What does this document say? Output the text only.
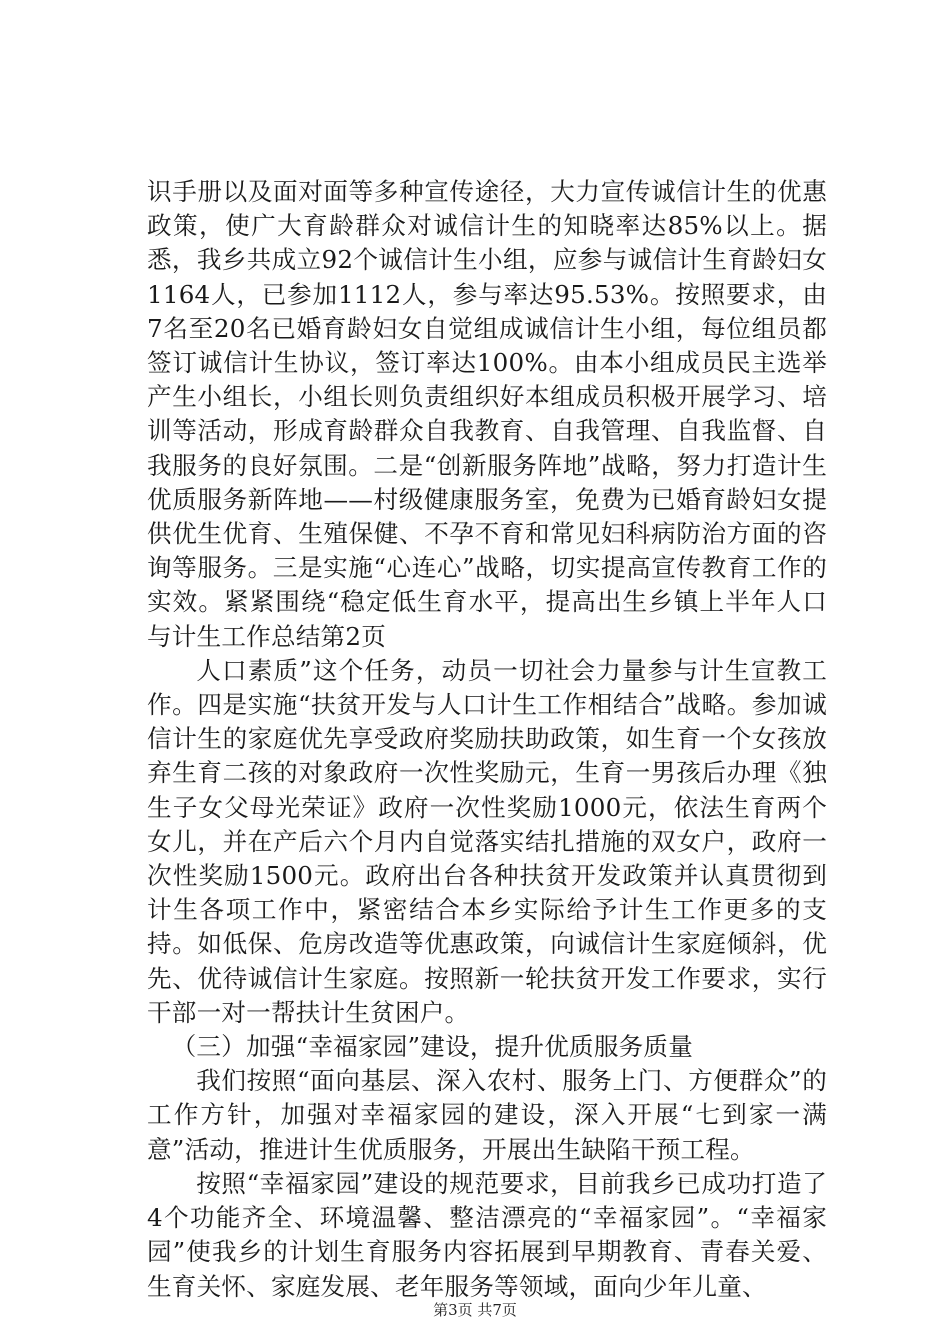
识手册以及面对面等多种宣传途径，大力宣传诚信计生的优惠政策，使广大育龄群众对诚信计生的知晓率达85%以上。据悉，我乡共成立92个诚信计生小组，应参与诚信计生育龄妇女1164人，已参加1112人，参与率达95.53%。按照要求，由7名至20名已婚育龄妇女自觉组成诚信计生小组，每位组员都签订诚信计生协议，签订率达100%。由本小组成员民主选举产生小组长，小组长则负责组织好本组成员积极开展学习、培训等活动，形成育龄群众自我教育、自我管理、自我监督、自我服务的良好氛围。二是“创新服务阵地”战略，努力打造计生优质服务新阵地——村级健康服务室，免费为已婚育龄妇女提供优生优育、生殖保健、不孕不育和常见妇科病防治方面的咨询等服务。三是实施“心连心”战略，切实提高宣传教育工作的实效。紧紧围绕“稳定低生育水平，提高出生乡镇上半年人口与计生工作总结第2页

人口素质”这个任务，动员一切社会力量参与计生宣教工作。四是实施“扶贫开发与人口计生工作相结合”战略。参加诚信计生的家庭优先享受政府奖励扶助政策，如生育一个女孩放弃生育二孩的对象政府一次性奖励元，生育一男孩后办理《独生子女父母光荣证》政府一次性奖励1000元，依法生育两个女儿，并在产后六个月内自觉落实结扎措施的双女户，政府一次性奖励1500元。政府出台各种扶贫开发政策并认真贯彻到计生各项工作中，紧密结合本乡实际给予计生工作更多的支持。如低保、危房改造等优惠政策，向诚信计生家庭倾斜，优先、优待诚信计生家庭。按照新一轮扶贫开发工作要求，实行干部一对一帮扶计生贫困户。

（三）加强“幸福家园”建设，提升优质服务质量

我们按照“面向基层、深入农村、服务上门、方便群众”的工作方针，加强对幸福家园的建设，深入开展“七到家一满意”活动，推进计生优质服务，开展出生缺陷干预工程。

按照“幸福家园”建设的规范要求，目前我乡已成功打造了4个功能齐全、环境温馨、整洁漂亮的“幸福家园”。“幸福家园”使我乡的计划生育服务内容拓展到早期教育、青春关爱、生育关怀、家庭发展、老年服务等领域，面向少年儿童、

第3页 共7页
